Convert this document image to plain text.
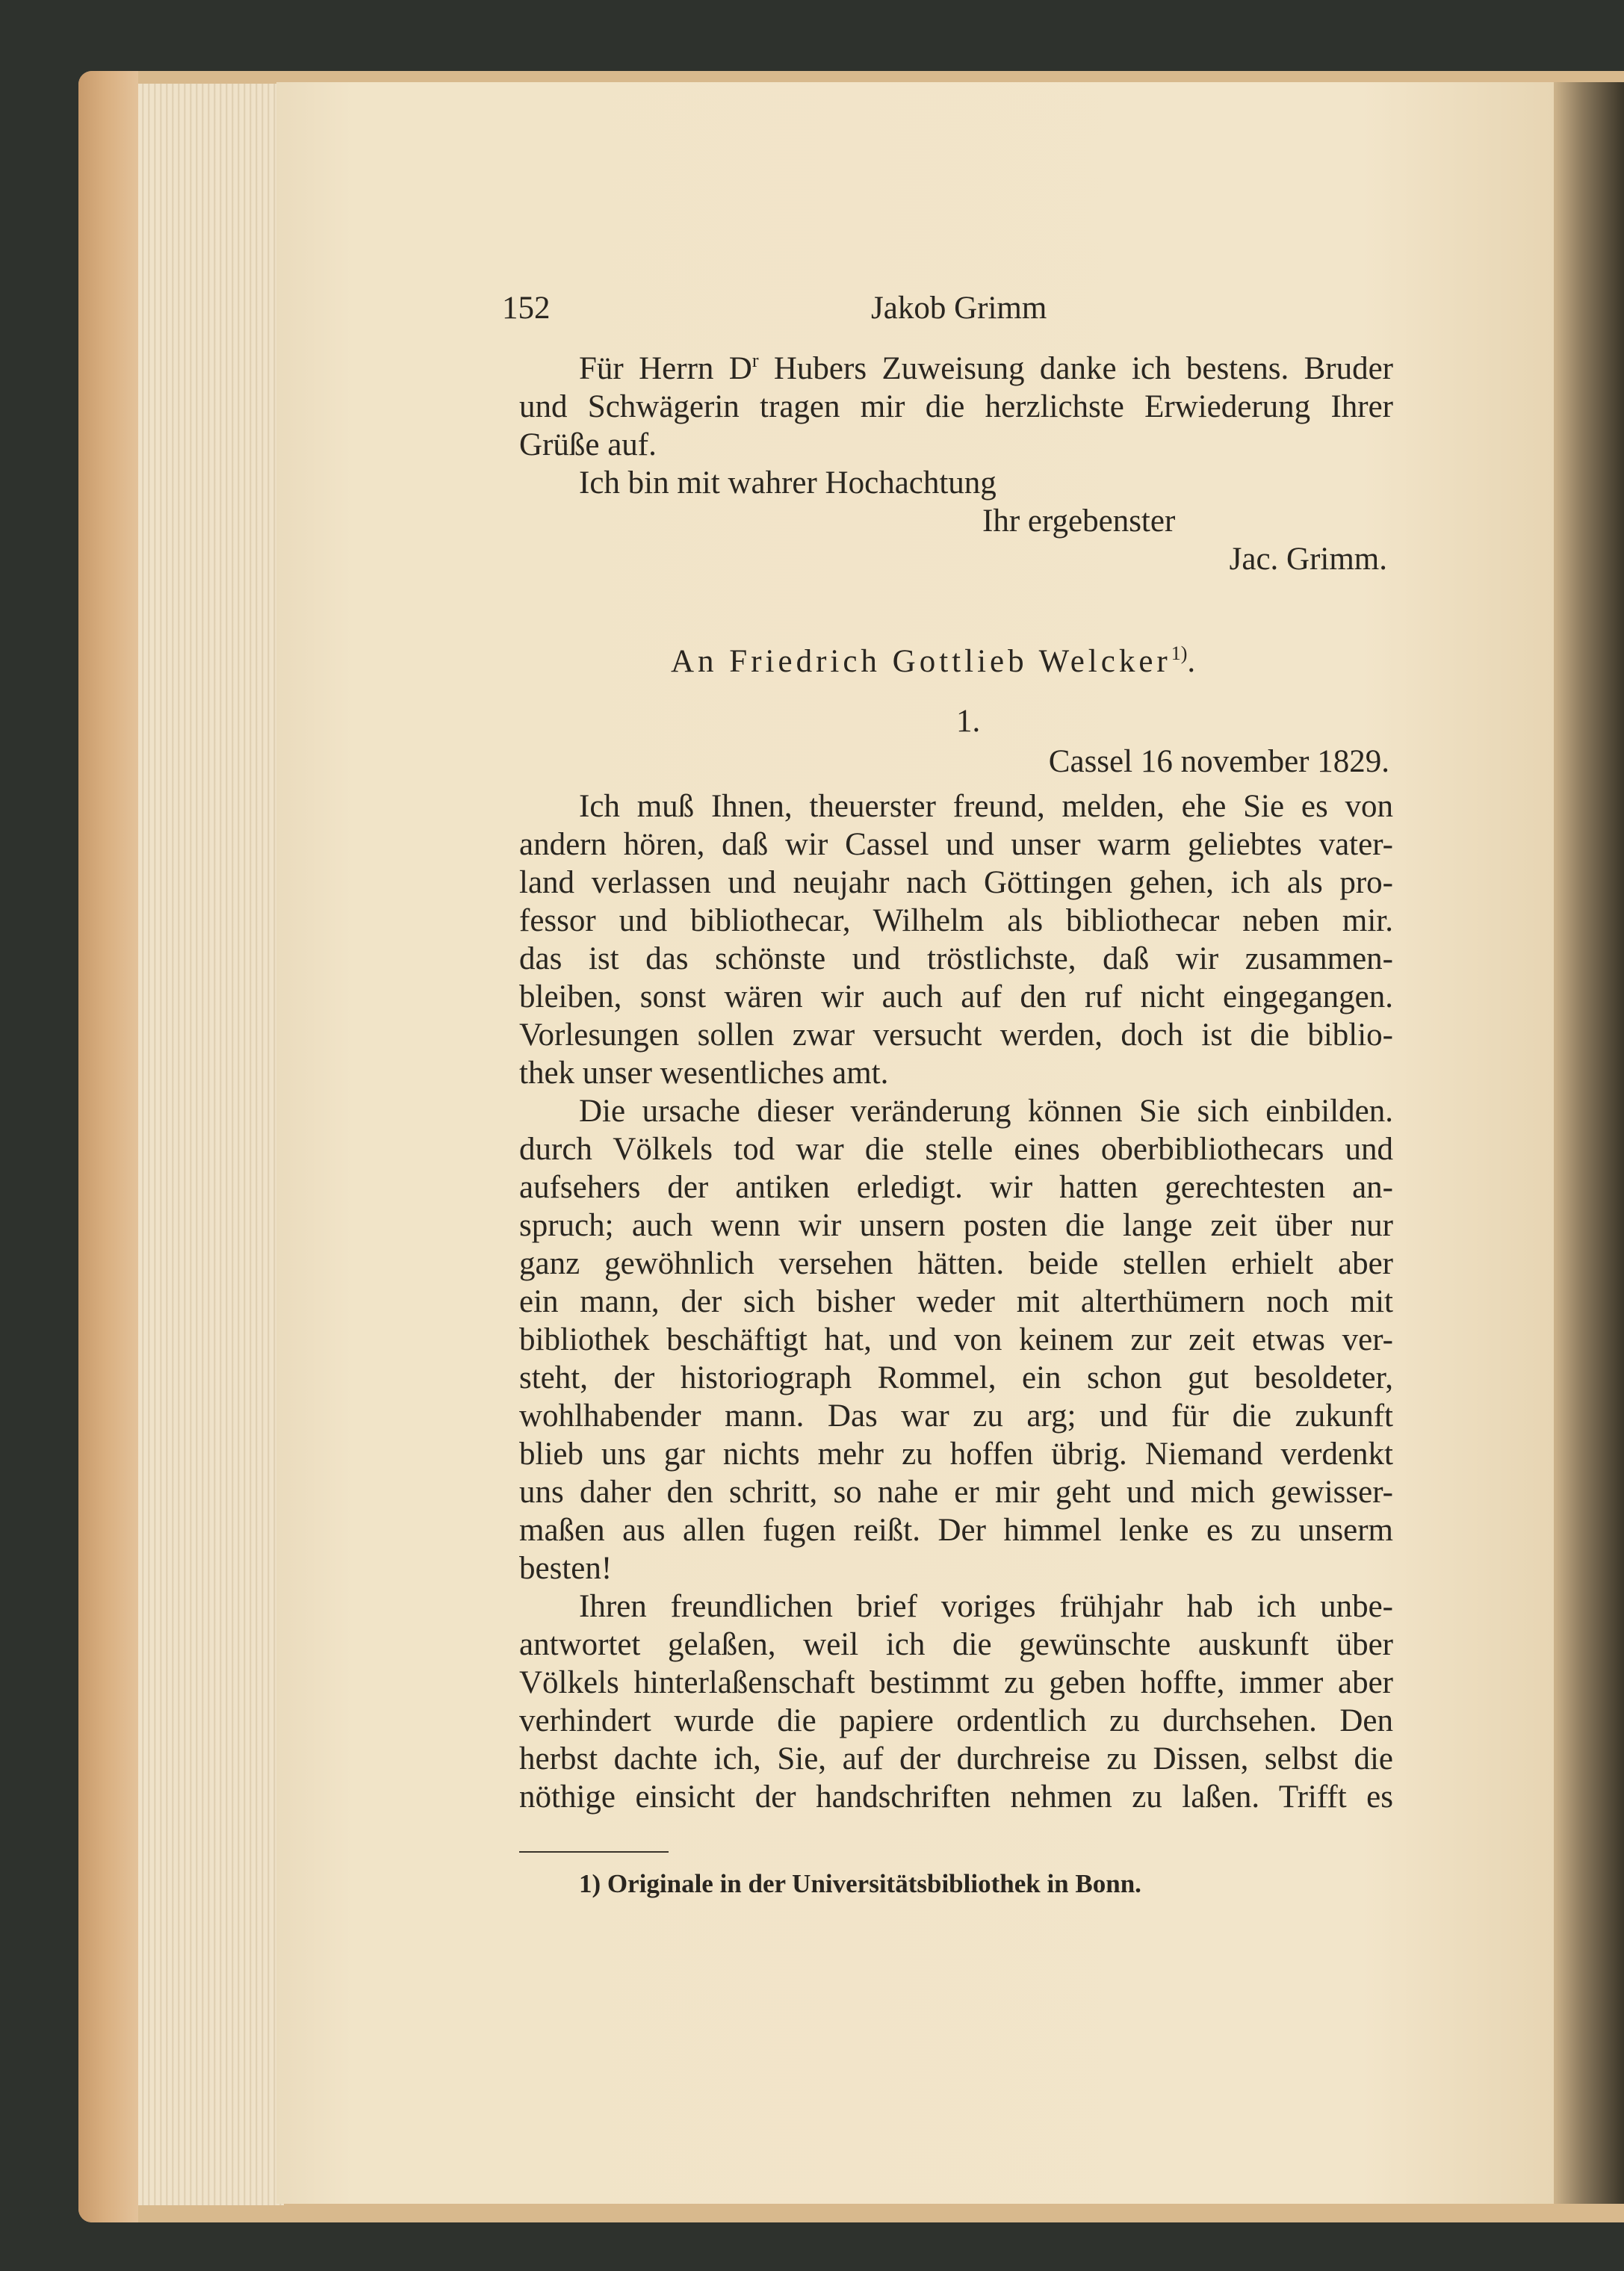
152	Jakob Grimm
Für Herrn $D^r$ Hubers Zuweisung danke ich bestens. Bruder
und Schwägerin tragen mir die herzlichste Erwiederung Ihrer
Grüße auf.
Ich bin mit wahrer Hochachtung
Ihr ergebenster
Jac. Grimm.
An Friedrich Gottlieb Welcker$^{1)}$.
1.
Cassel 16 november 1829.
Ich muß Ihnen, theuerster freund, melden, ehe Sie es von
andern hören, daß wir Cassel und unser warm geliebtes vater-
land verlassen und neujahr nach Göttingen gehen, ich als pro-
fessor und bibliothecar, Wilhelm als bibliothecar neben mir.
das ist das schönste und tröstlichste, daß wir zusammen-
bleiben, sonst wären wir auch auf den ruf nicht eingegangen.
Vorlesungen sollen zwar versucht werden, doch ist die biblio-
thek unser wesentliches amt.
Die ursache dieser veränderung können Sie sich einbilden.
durch Völkels tod war die stelle eines oberbibliothecars und
aufsehers der antiken erledigt. wir hatten gerechtesten an-
spruch; auch wenn wir unsern posten die lange zeit über nur
ganz gewöhnlich versehen hätten. beide stellen erhielt aber
ein mann, der sich bisher weder mit alterthümern noch mit
bibliothek beschäftigt hat, und von keinem zur zeit etwas ver-
steht, der historiograph Rommel, ein schon gut besoldeter,
wohlhabender mann. Das war zu arg; und für die zukunft
blieb uns gar nichts mehr zu hoffen übrig. Niemand verdenkt
uns daher den schritt, so nahe er mir geht und mich gewisser-
maßen aus allen fugen reißt. Der himmel lenke es zu unserm
besten!
Ihren freundlichen brief voriges frühjahr hab ich unbe-
antwortet gelaßen, weil ich die gewünschte auskunft über
Völkels hinterlaßenschaft bestimmt zu geben hoffte, immer aber
verhindert wurde die papiere ordentlich zu durchsehen. Den
herbst dachte ich, Sie, auf der durchreise zu Dissen, selbst die
nöthige einsicht der handschriften nehmen zu laßen. Trifft es
1) Originale in der Universitätsbibliothek in Bonn.
